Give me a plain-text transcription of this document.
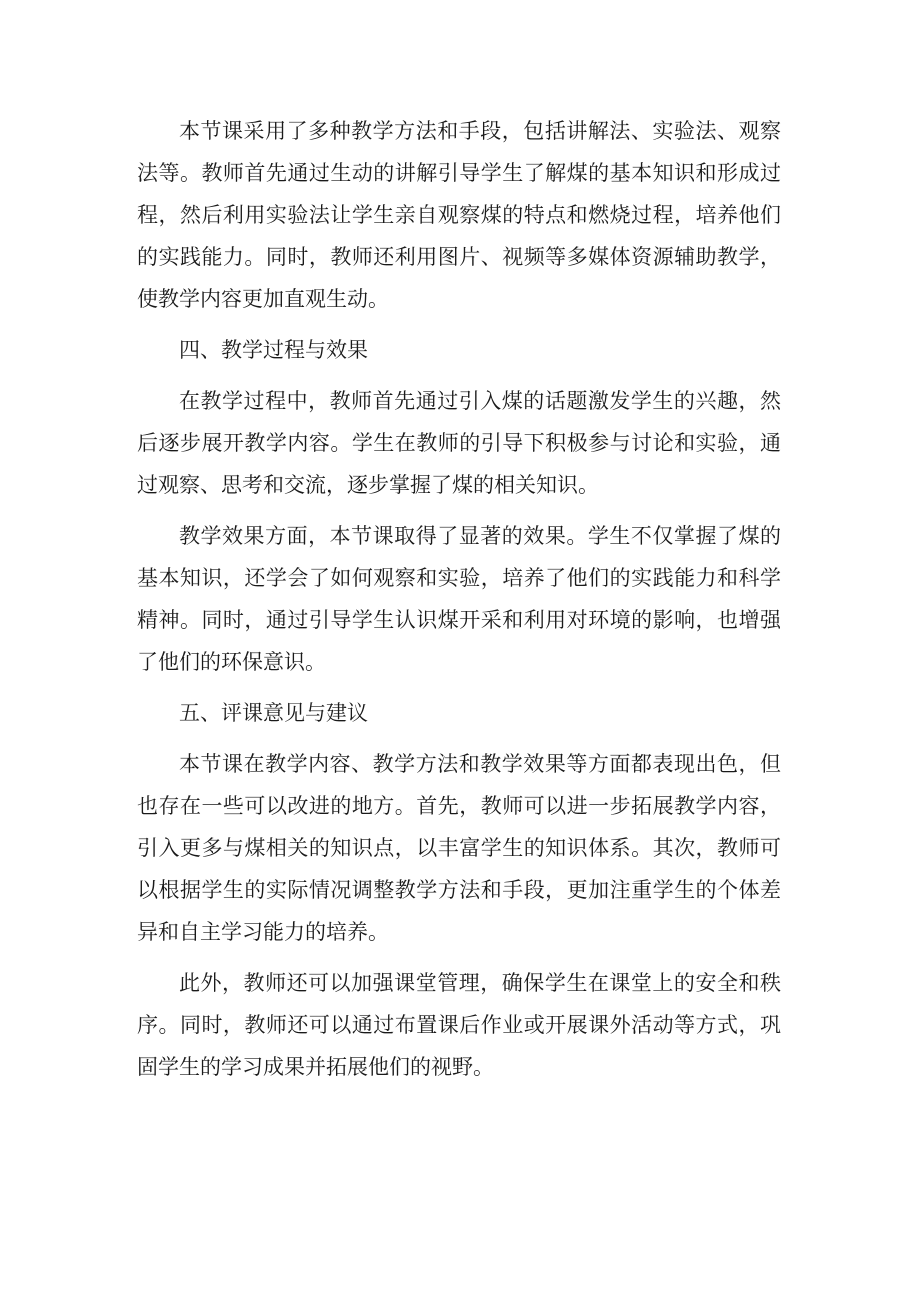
本节课采用了多种教学方法和手段，包括讲解法、实验法、观察法等。教师首先通过生动的讲解引导学生了解煤的基本知识和形成过程，然后利用实验法让学生亲自观察煤的特点和燃烧过程，培养他们的实践能力。同时，教师还利用图片、视频等多媒体资源辅助教学，使教学内容更加直观生动。

四、教学过程与效果

在教学过程中，教师首先通过引入煤的话题激发学生的兴趣，然后逐步展开教学内容。学生在教师的引导下积极参与讨论和实验，通过观察、思考和交流，逐步掌握了煤的相关知识。

教学效果方面，本节课取得了显著的效果。学生不仅掌握了煤的基本知识，还学会了如何观察和实验，培养了他们的实践能力和科学精神。同时，通过引导学生认识煤开采和利用对环境的影响，也增强了他们的环保意识。

五、评课意见与建议

本节课在教学内容、教学方法和教学效果等方面都表现出色，但也存在一些可以改进的地方。首先，教师可以进一步拓展教学内容，引入更多与煤相关的知识点，以丰富学生的知识体系。其次，教师可以根据学生的实际情况调整教学方法和手段，更加注重学生的个体差异和自主学习能力的培养。

此外，教师还可以加强课堂管理，确保学生在课堂上的安全和秩序。同时，教师还可以通过布置课后作业或开展课外活动等方式，巩固学生的学习成果并拓展他们的视野。
